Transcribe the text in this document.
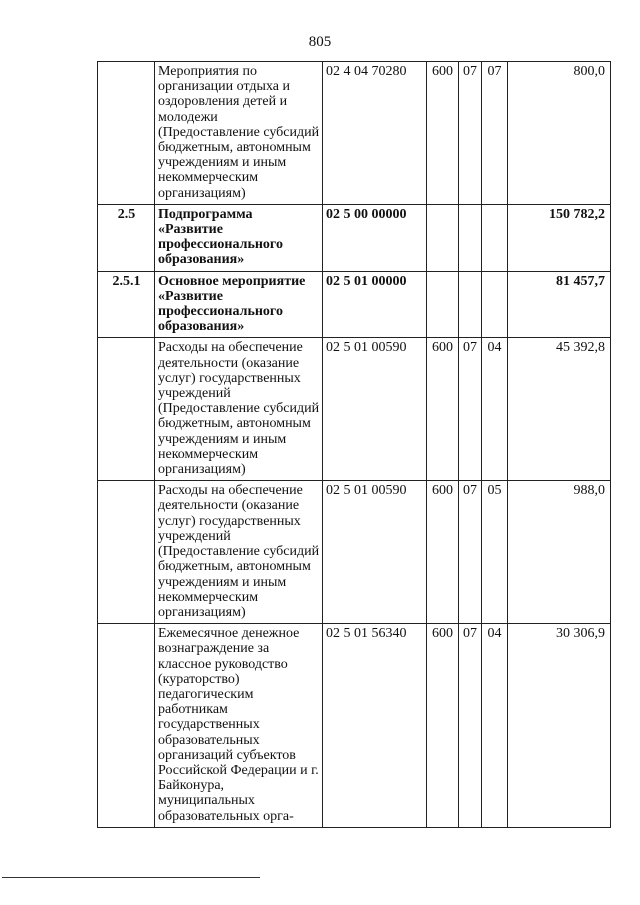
805
	Мероприятия по организации отдыха и оздоровления детей и молодежи (Предоставление субсидий бюджетным, автономным учреждениям и иным некоммерческим организациям)	02 4 04 70280	600	07	07	800,0
2.5	Подпрограмма «Развитие профессионального образования»	02 5 00 00000				150 782,2
2.5.1	Основное мероприятие «Развитие профессионального образования»	02 5 01 00000				81 457,7
	Расходы на обеспечение деятельности (оказание услуг) государственных учреждений (Предоставление субсидий бюджетным, автономным учреждениям и иным некоммерческим организациям)	02 5 01 00590	600	07	04	45 392,8
	Расходы на обеспечение деятельности (оказание услуг) государственных учреждений (Предоставление субсидий бюджетным, автономным учреждениям и иным некоммерческим организациям)	02 5 01 00590	600	07	05	988,0
	Ежемесячное денежное вознаграждение за классное руководство (кураторство) педагогическим работникам государственных образовательных организаций субъектов Российской Федерации и г. Байконура, муниципальных образовательных орга-	02 5 01 56340	600	07	04	30 306,9
